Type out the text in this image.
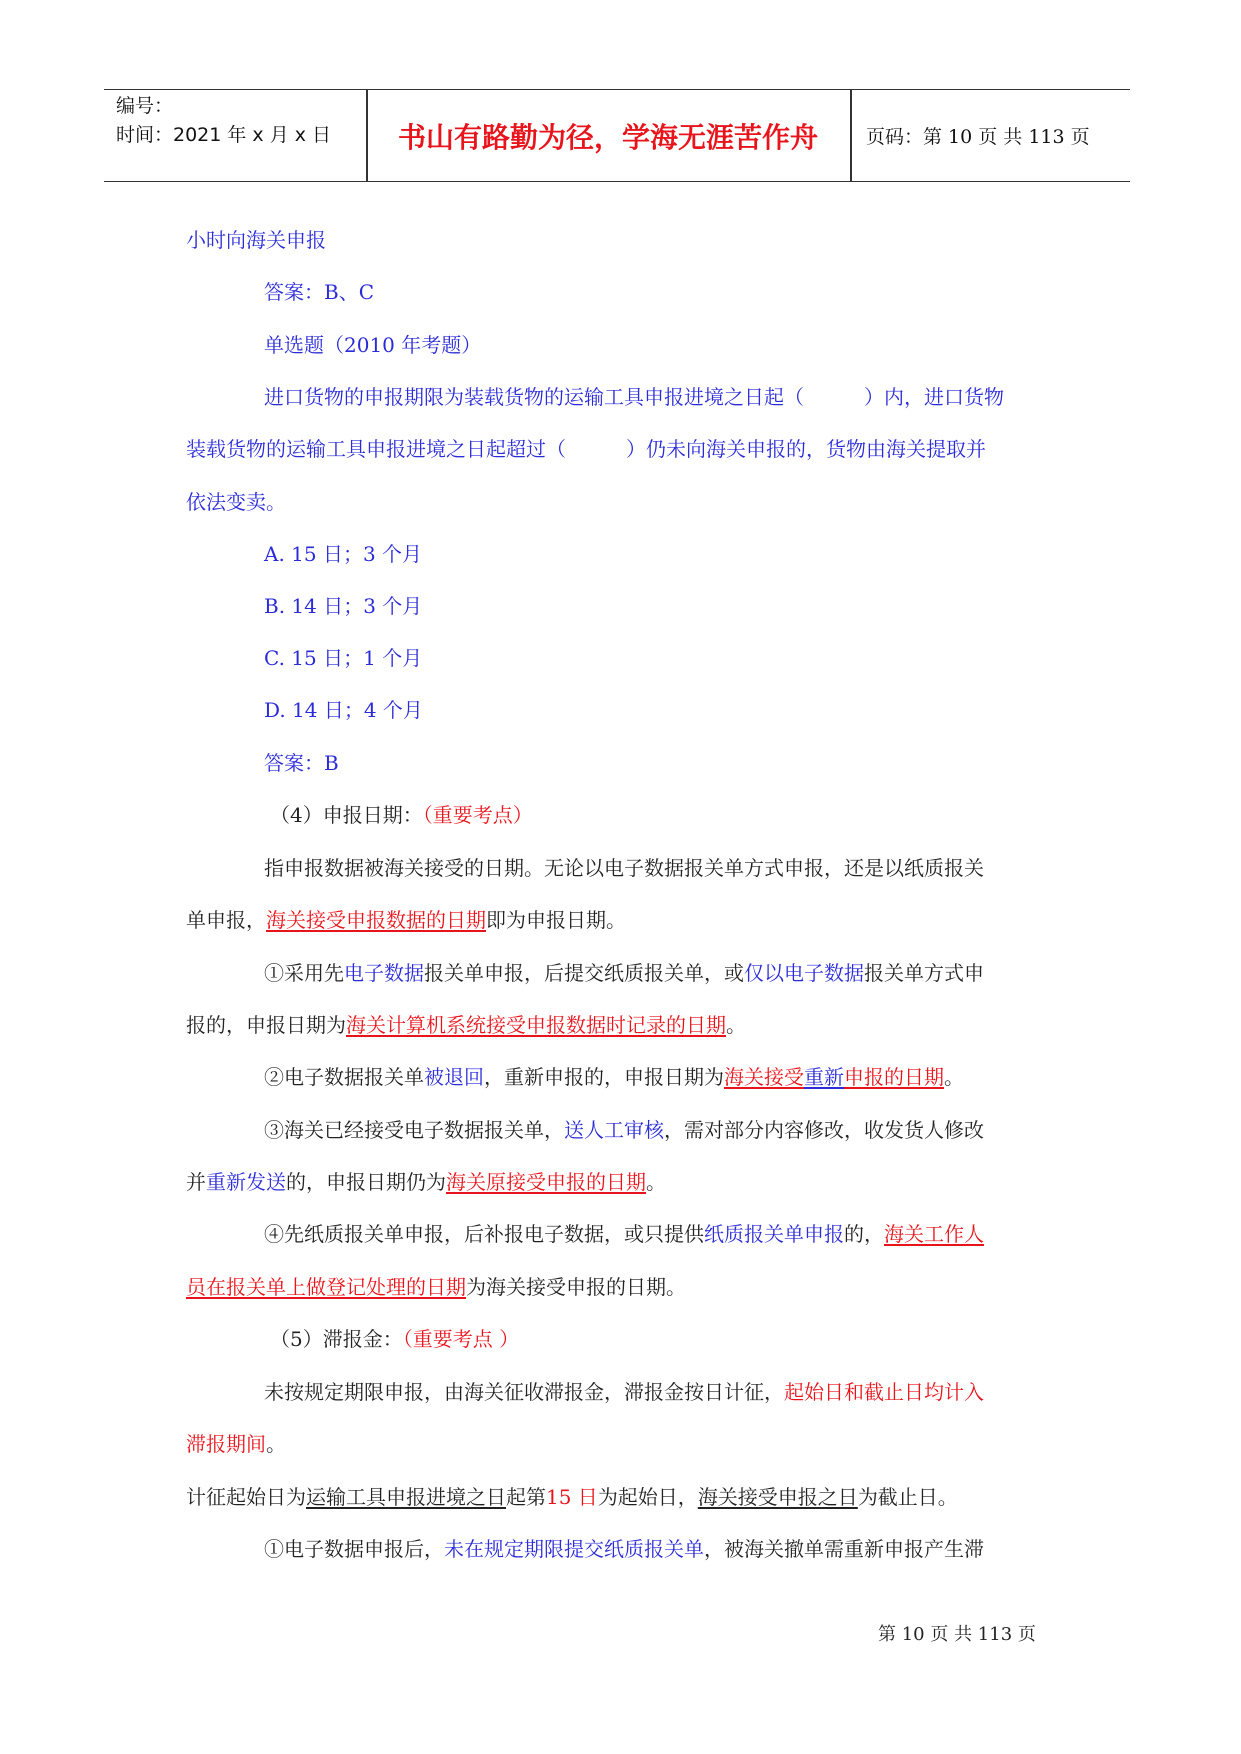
编号：
时间：2021 年 x 月 x 日	书山有路勤为径，学海无涯苦作舟	页码：第 10 页 共 113 页
小时向海关申报
答案：B、C
单选题（2010 年考题）
进口货物的申报期限为装载货物的运输工具申报进境之日起（　　　）内，进口货物
装载货物的运输工具申报进境之日起超过（　　　）仍未向海关申报的，货物由海关提取并
依法变卖。
A. 15 日；3 个月
B. 14 日；3 个月
C. 15 日；1 个月
D. 14 日；4 个月
答案：B
（4）申报日期：（重要考点）
指申报数据被海关接受的日期。无论以电子数据报关单方式申报，还是以纸质报关
单申报，海关接受申报数据的日期即为申报日期。
①采用先电子数据报关单申报，后提交纸质报关单，或仅以电子数据报关单方式申
报的，申报日期为海关计算机系统接受申报数据时记录的日期。
②电子数据报关单被退回，重新申报的，申报日期为海关接受重新申报的日期。
③海关已经接受电子数据报关单，送人工审核，需对部分内容修改，收发货人修改
并重新发送的，申报日期仍为海关原接受申报的日期。
④先纸质报关单申报，后补报电子数据，或只提供纸质报关单申报的，海关工作人
员在报关单上做登记处理的日期为海关接受申报的日期。
（5）滞报金：（重要考点 ）
未按规定期限申报，由海关征收滞报金，滞报金按日计征，起始日和截止日均计入
滞报期间。
计征起始日为运输工具申报进境之日起第15 日为起始日，海关接受申报之日为截止日。
①电子数据申报后，未在规定期限提交纸质报关单，被海关撤单需重新申报产生滞
第 10 页 共 113 页
